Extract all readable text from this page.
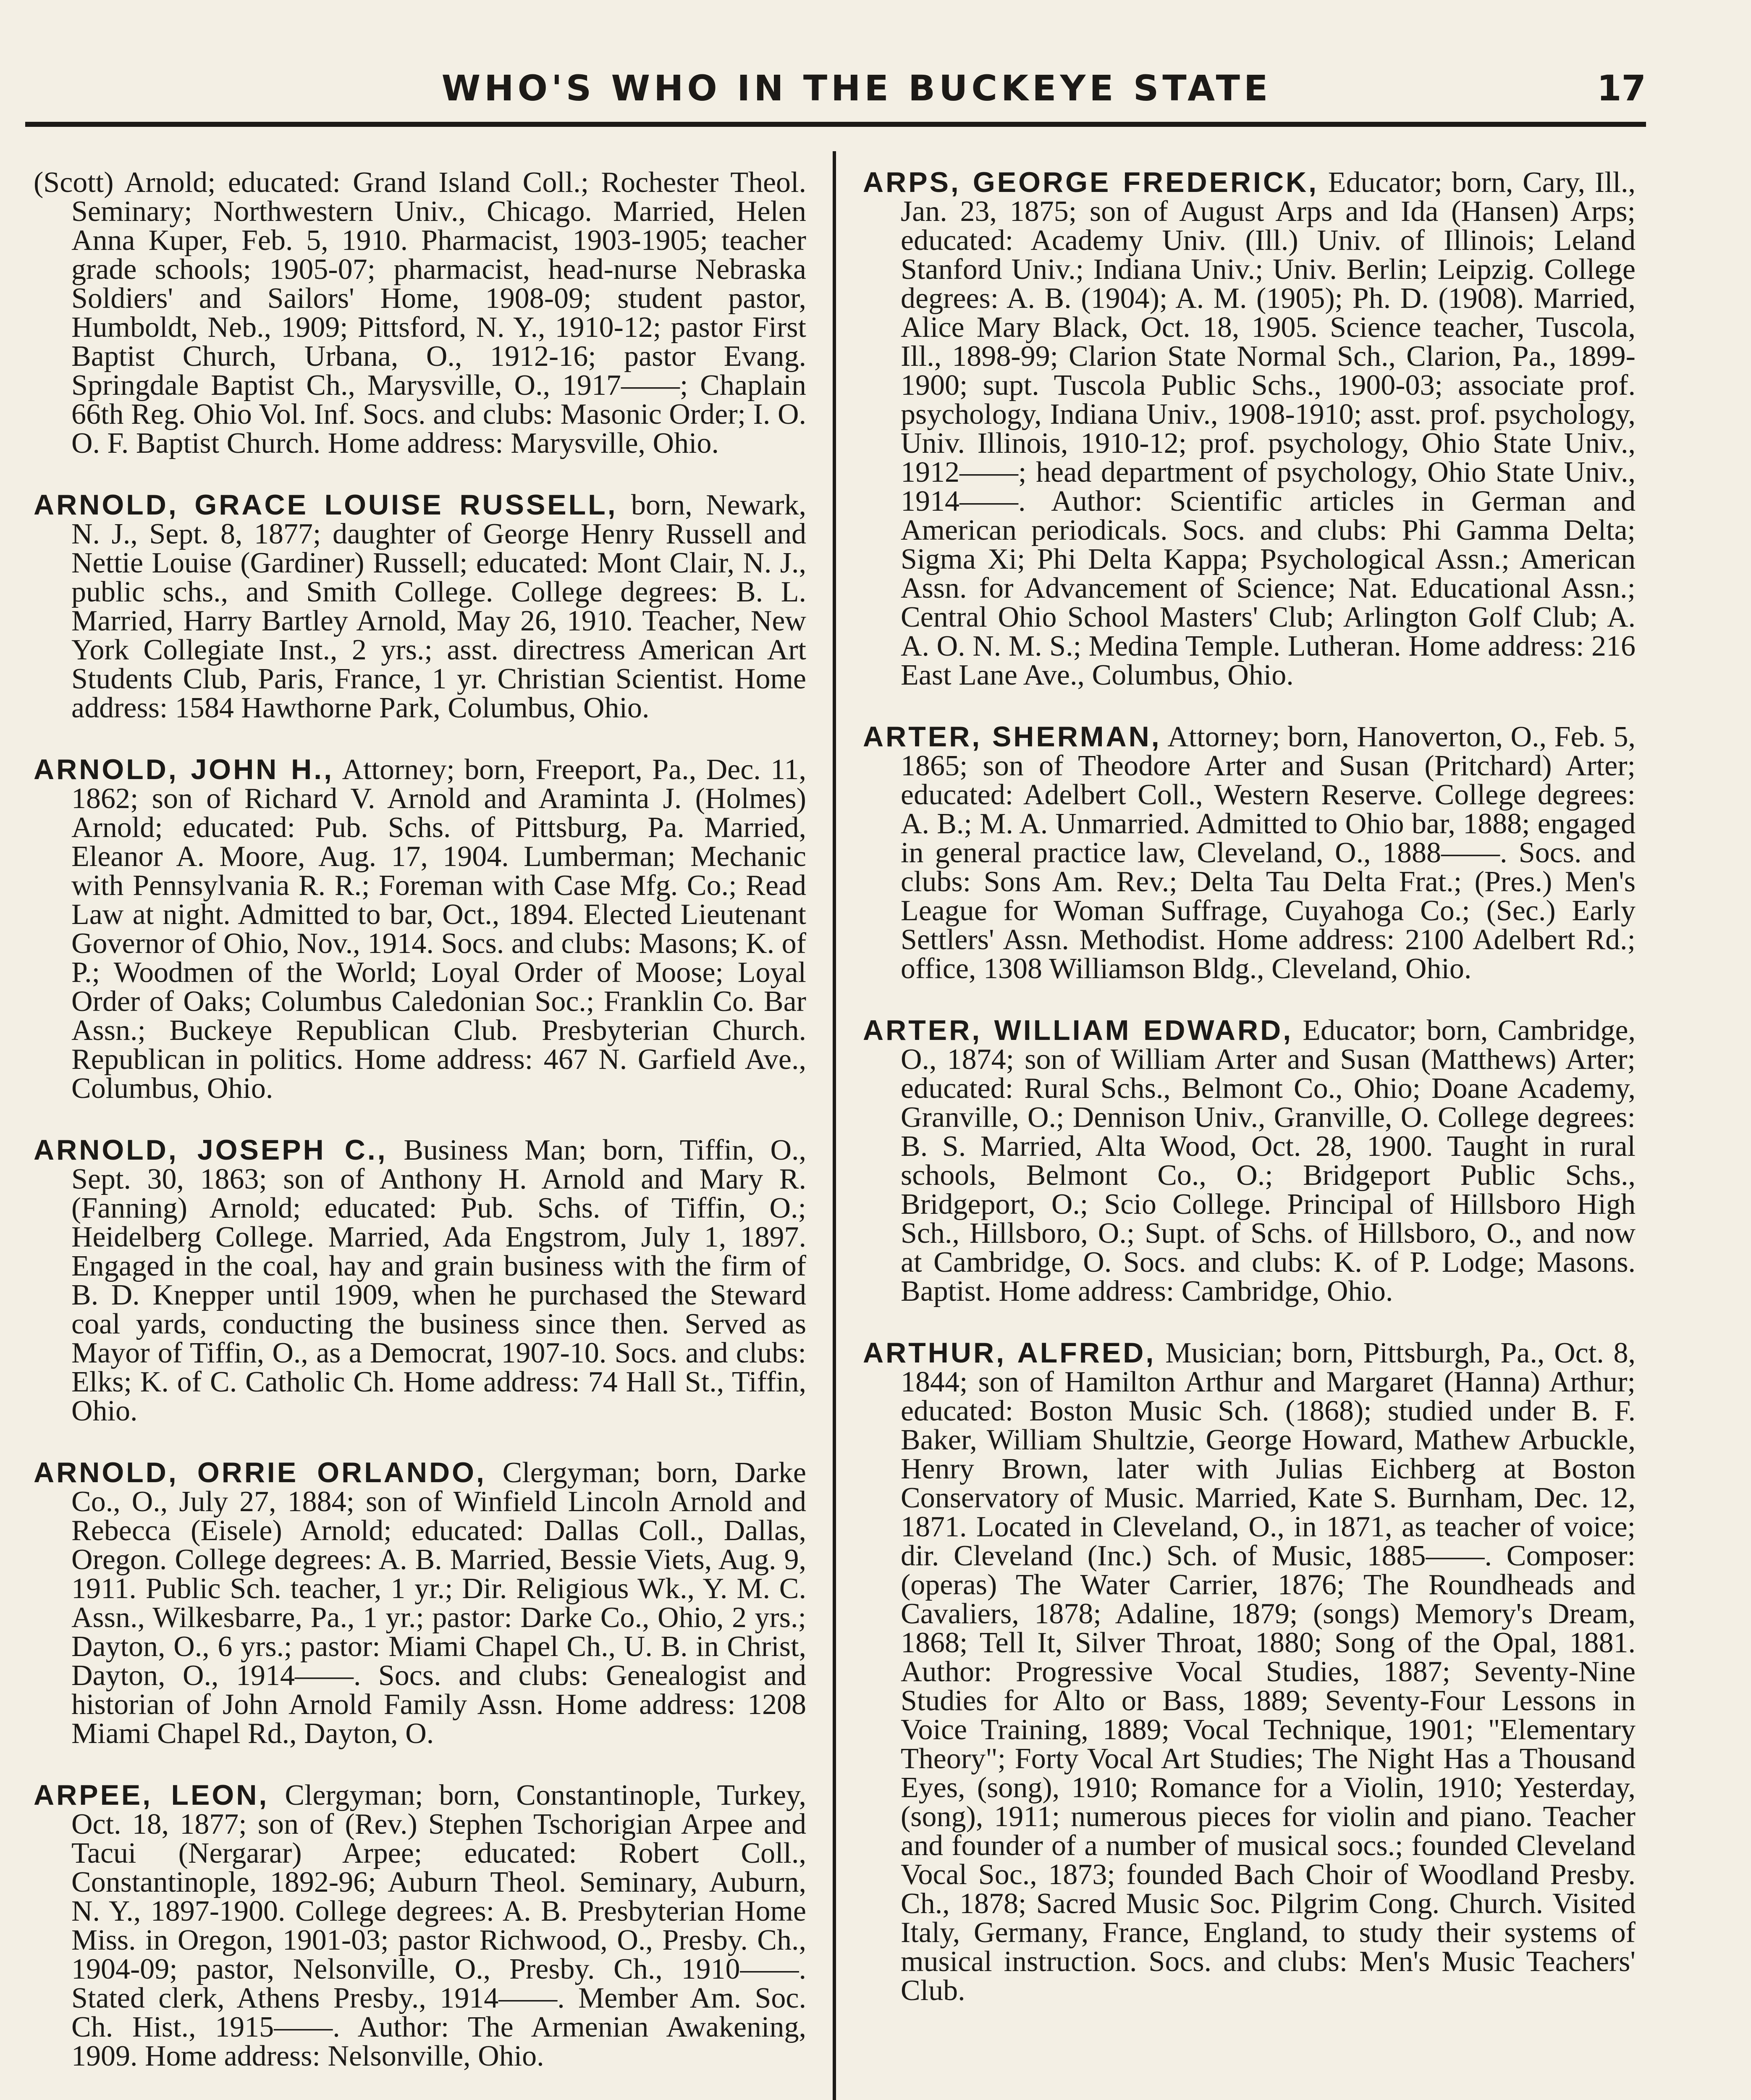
WHO'S WHO IN THE BUCKEYE STATE	17

(Scott) Arnold; educated: Grand Island Coll.; Rochester Theol. Seminary; Northwestern Univ., Chicago. Married, Helen Anna Kuper, Feb. 5, 1910. Pharmacist, 1903-1905; teacher grade schools; 1905-07; pharmacist, head-nurse Nebraska Soldiers' and Sailors' Home, 1908-09; student pastor, Humboldt, Neb., 1909; Pittsford, N. Y., 1910-12; pastor First Baptist Church, Urbana, O., 1912-16; pastor Evang. Springdale Baptist Ch., Marysville, O., 1917——; Chaplain 66th Reg. Ohio Vol. Inf. Socs. and clubs: Masonic Order; I. O. O. F. Baptist Church. Home address: Marysville, Ohio.

ARNOLD, GRACE LOUISE RUSSELL, born, Newark, N. J., Sept. 8, 1877; daughter of George Henry Russell and Nettie Louise (Gardiner) Russell; educated: Mont Clair, N. J., public schs., and Smith College. College degrees: B. L. Married, Harry Bartley Arnold, May 26, 1910. Teacher, New York Collegiate Inst., 2 yrs.; asst. directress American Art Students Club, Paris, France, 1 yr. Christian Scientist. Home address: 1584 Hawthorne Park, Columbus, Ohio.

ARNOLD, JOHN H., Attorney; born, Freeport, Pa., Dec. 11, 1862; son of Richard V. Arnold and Araminta J. (Holmes) Arnold; educated: Pub. Schs. of Pittsburg, Pa. Married, Eleanor A. Moore, Aug. 17, 1904. Lumberman; Mechanic with Pennsylvania R. R.; Foreman with Case Mfg. Co.; Read Law at night. Admitted to bar, Oct., 1894. Elected Lieutenant Governor of Ohio, Nov., 1914. Socs. and clubs: Masons; K. of P.; Woodmen of the World; Loyal Order of Moose; Loyal Order of Oaks; Columbus Caledonian Soc.; Franklin Co. Bar Assn.; Buckeye Republican Club. Presbyterian Church. Republican in politics. Home address: 467 N. Garfield Ave., Columbus, Ohio.

ARNOLD, JOSEPH C., Business Man; born, Tiffin, O., Sept. 30, 1863; son of Anthony H. Arnold and Mary R. (Fanning) Arnold; educated: Pub. Schs. of Tiffin, O.; Heidelberg College. Married, Ada Engstrom, July 1, 1897. Engaged in the coal, hay and grain business with the firm of B. D. Knepper until 1909, when he purchased the Steward coal yards, conducting the business since then. Served as Mayor of Tiffin, O., as a Democrat, 1907-10. Socs. and clubs: Elks; K. of C. Catholic Ch. Home address: 74 Hall St., Tiffin, Ohio.

ARNOLD, ORRIE ORLANDO, Clergyman; born, Darke Co., O., July 27, 1884; son of Winfield Lincoln Arnold and Rebecca (Eisele) Arnold; educated: Dallas Coll., Dallas, Oregon. College degrees: A. B. Married, Bessie Viets, Aug. 9, 1911. Public Sch. teacher, 1 yr.; Dir. Religious Wk., Y. M. C. Assn., Wilkesbarre, Pa., 1 yr.; pastor: Darke Co., Ohio, 2 yrs.; Dayton, O., 6 yrs.; pastor: Miami Chapel Ch., U. B. in Christ, Dayton, O., 1914——. Socs. and clubs: Genealogist and historian of John Arnold Family Assn. Home address: 1208 Miami Chapel Rd., Dayton, O.

ARPEE, LEON, Clergyman; born, Constantinople, Turkey, Oct. 18, 1877; son of (Rev.) Stephen Tschorigian Arpee and Tacui (Nergarar) Arpee; educated: Robert Coll., Constantinople, 1892-96; Auburn Theol. Seminary, Auburn, N. Y., 1897-1900. College degrees: A. B. Presbyterian Home Miss. in Oregon, 1901-03; pastor Richwood, O., Presby. Ch., 1904-09; pastor, Nelsonville, O., Presby. Ch., 1910——. Stated clerk, Athens Presby., 1914——. Member Am. Soc. Ch. Hist., 1915——. Author: The Armenian Awakening, 1909. Home address: Nelsonville, Ohio.

ARPS, GEORGE FREDERICK, Educator; born, Cary, Ill., Jan. 23, 1875; son of August Arps and Ida (Hansen) Arps; educated: Academy Univ. (Ill.) Univ. of Illinois; Leland Stanford Univ.; Indiana Univ.; Univ. Berlin; Leipzig. College degrees: A. B. (1904); A. M. (1905); Ph. D. (1908). Married, Alice Mary Black, Oct. 18, 1905. Science teacher, Tuscola, Ill., 1898-99; Clarion State Normal Sch., Clarion, Pa., 1899-1900; supt. Tuscola Public Schs., 1900-03; associate prof. psychology, Indiana Univ., 1908-1910; asst. prof. psychology, Univ. Illinois, 1910-12; prof. psychology, Ohio State Univ., 1912——; head department of psychology, Ohio State Univ., 1914——. Author: Scientific articles in German and American periodicals. Socs. and clubs: Phi Gamma Delta; Sigma Xi; Phi Delta Kappa; Psychological Assn.; American Assn. for Advancement of Science; Nat. Educational Assn.; Central Ohio School Masters' Club; Arlington Golf Club; A. A. O. N. M. S.; Medina Temple. Lutheran. Home address: 216 East Lane Ave., Columbus, Ohio.

ARTER, SHERMAN, Attorney; born, Hanoverton, O., Feb. 5, 1865; son of Theodore Arter and Susan (Pritchard) Arter; educated: Adelbert Coll., Western Reserve. College degrees: A. B.; M. A. Unmarried. Admitted to Ohio bar, 1888; engaged in general practice law, Cleveland, O., 1888——. Socs. and clubs: Sons Am. Rev.; Delta Tau Delta Frat.; (Pres.) Men's League for Woman Suffrage, Cuyahoga Co.; (Sec.) Early Settlers' Assn. Methodist. Home address: 2100 Adelbert Rd.; office, 1308 Williamson Bldg., Cleveland, Ohio.

ARTER, WILLIAM EDWARD, Educator; born, Cambridge, O., 1874; son of William Arter and Susan (Matthews) Arter; educated: Rural Schs., Belmont Co., Ohio; Doane Academy, Granville, O.; Dennison Univ., Granville, O. College degrees: B. S. Married, Alta Wood, Oct. 28, 1900. Taught in rural schools, Belmont Co., O.; Bridgeport Public Schs., Bridgeport, O.; Scio College. Principal of Hillsboro High Sch., Hillsboro, O.; Supt. of Schs. of Hillsboro, O., and now at Cambridge, O. Socs. and clubs: K. of P. Lodge; Masons. Baptist. Home address: Cambridge, Ohio.

ARTHUR, ALFRED, Musician; born, Pittsburgh, Pa., Oct. 8, 1844; son of Hamilton Arthur and Margaret (Hanna) Arthur; educated: Boston Music Sch. (1868); studied under B. F. Baker, William Shultzie, George Howard, Mathew Arbuckle, Henry Brown, later with Julias Eichberg at Boston Conservatory of Music. Married, Kate S. Burnham, Dec. 12, 1871. Located in Cleveland, O., in 1871, as teacher of voice; dir. Cleveland (Inc.) Sch. of Music, 1885——. Composer: (operas) The Water Carrier, 1876; The Roundheads and Cavaliers, 1878; Adaline, 1879; (songs) Memory's Dream, 1868; Tell It, Silver Throat, 1880; Song of the Opal, 1881. Author: Progressive Vocal Studies, 1887; Seventy-Nine Studies for Alto or Bass, 1889; Seventy-Four Lessons in Voice Training, 1889; Vocal Technique, 1901; "Elementary Theory"; Forty Vocal Art Studies; The Night Has a Thousand Eyes, (song), 1910; Romance for a Violin, 1910; Yesterday, (song), 1911; numerous pieces for violin and piano. Teacher and founder of a number of musical socs.; founded Cleveland Vocal Soc., 1873; founded Bach Choir of Woodland Presby. Ch., 1878; Sacred Music Soc. Pilgrim Cong. Church. Visited Italy, Germany, France, England, to study their systems of musical instruction. Socs. and clubs: Men's Music Teachers' Club.
